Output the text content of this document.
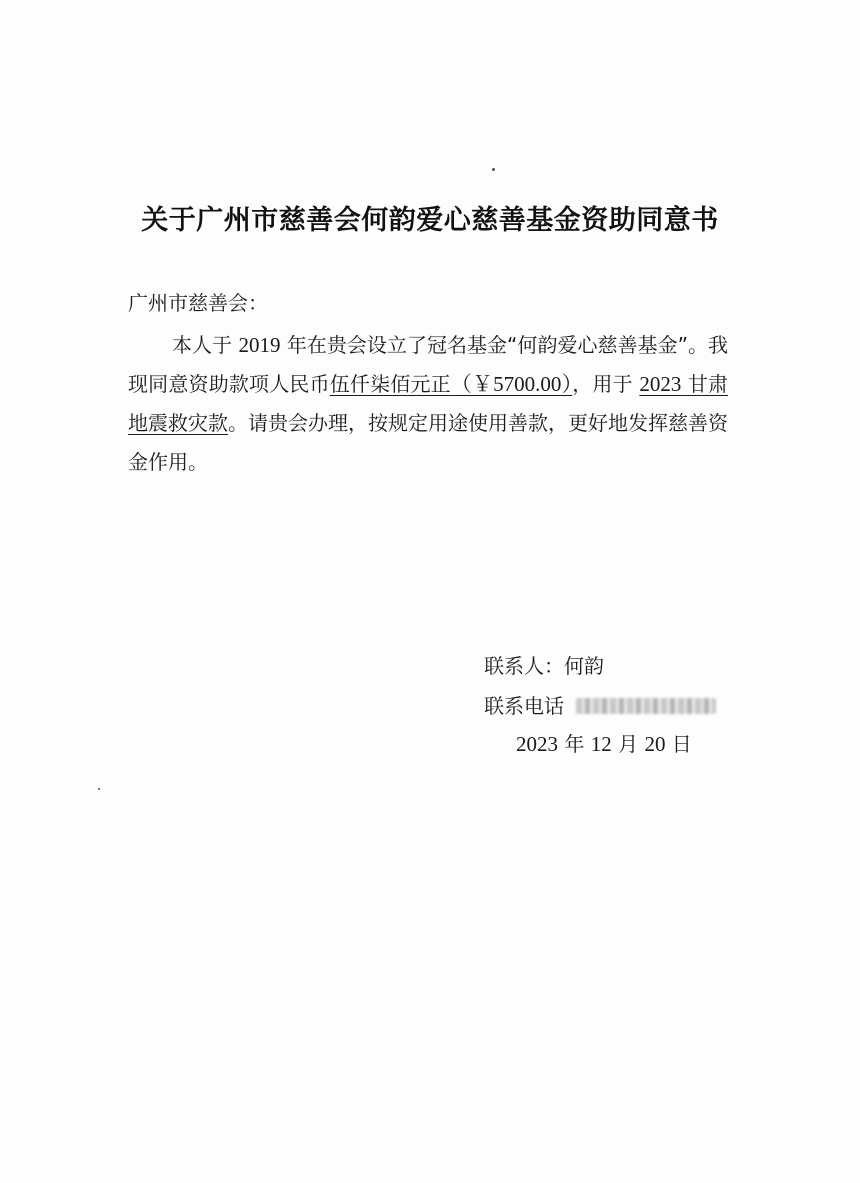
关于广州市慈善会何韵爱心慈善基金资助同意书
广州市慈善会：
本人于 2019 年在贵会设立了冠名基金“何韵爱心慈善基金”。我现同意资助款项人民币伍仟柒佰元正（￥5700.00），用于 2023 甘肃地震救灾款。请贵会办理，按规定用途使用善款，更好地发挥慈善资金作用。
联系人： 何韵
联系电话
2023 年 12 月 20 日
